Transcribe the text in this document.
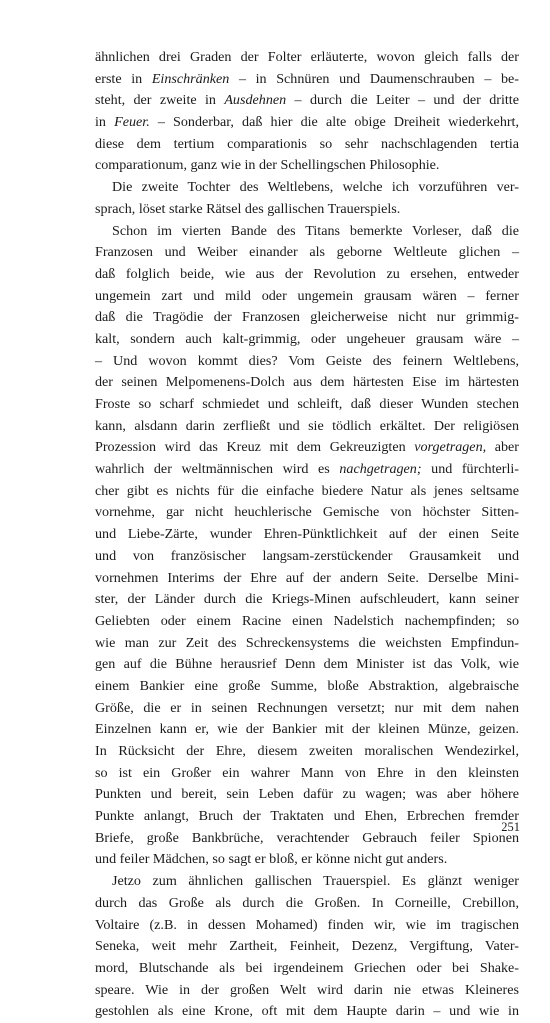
ähnlichen drei Graden der Folter erläuterte, wovon gleich falls der
erste in Einschränken – in Schnüren und Daumenschrauben – be-
steht, der zweite in Ausdehnen – durch die Leiter – und der dritte
in Feuer. – Sonderbar, daß hier die alte obige Dreiheit wiederkehrt,
diese dem tertium comparationis so sehr nachschlagenden tertia
comparationum, ganz wie in der Schellingschen Philosophie.
Die zweite Tochter des Weltlebens, welche ich vorzuführen ver-
sprach, löset starke Rätsel des gallischen Trauerspiels.
Schon im vierten Bande des Titans bemerkte Vorleser, daß die
Franzosen und Weiber einander als geborne Weltleute glichen –
daß folglich beide, wie aus der Revolution zu ersehen, entweder
ungemein zart und mild oder ungemein grausam wären – ferner
daß die Tragödie der Franzosen gleicherweise nicht nur grimmig-
kalt, sondern auch kalt-grimmig, oder ungeheuer grausam wäre –
– Und wovon kommt dies? Vom Geiste des feinern Weltlebens,
der seinen Melpomenens-Dolch aus dem härtesten Eise im härtesten
Froste so scharf schmiedet und schleift, daß dieser Wunden stechen
kann, alsdann darin zerfließt und sie tödlich erkältet. Der religiösen
Prozession wird das Kreuz mit dem Gekreuzigten vorgetragen, aber
wahrlich der weltmännischen wird es nachgetragen; und fürchterli-
cher gibt es nichts für die einfache biedere Natur als jenes seltsame
vornehme, gar nicht heuchlerische Gemische von höchster Sitten-
und Liebe-Zärte, wunder Ehren-Pünktlichkeit auf der einen Seite
und von französischer langsam-zerstückender Grausamkeit und
vornehmen Interims der Ehre auf der andern Seite. Derselbe Mini-
ster, der Länder durch die Kriegs-Minen aufschleudert, kann seiner
Geliebten oder einem Racine einen Nadelstich nachempfinden; so
wie man zur Zeit des Schreckensystems die weichsten Empfindun-
gen auf die Bühne herausrief Denn dem Minister ist das Volk, wie
einem Bankier eine große Summe, bloße Abstraktion, algebraische
Größe, die er in seinen Rechnungen versetzt; nur mit dem nahen
Einzelnen kann er, wie der Bankier mit der kleinen Münze, geizen.
In Rücksicht der Ehre, diesem zweiten moralischen Wendezirkel,
so ist ein Großer ein wahrer Mann von Ehre in den kleinsten
Punkten und bereit, sein Leben dafür zu wagen; was aber höhere
Punkte anlangt, Bruch der Traktaten und Ehen, Erbrechen fremder
Briefe, große Bankbrüche, verachtender Gebrauch feiler Spionen
und feiler Mädchen, so sagt er bloß, er könne nicht gut anders.
Jetzo zum ähnlichen gallischen Trauerspiel. Es glänzt weniger
durch das Große als durch die Großen. In Corneille, Crebillon,
Voltaire (z.B. in dessen Mohamed) finden wir, wie im tragischen
Seneka, weit mehr Zartheit, Feinheit, Dezenz, Vergiftung, Vater-
mord, Blutschande als bei irgendeinem Griechen oder bei Shake-
speare. Wie in der großen Welt wird darin nie etwas Kleineres
gestohlen als eine Krone, oft mit dem Haupte darin – und wie in
251
